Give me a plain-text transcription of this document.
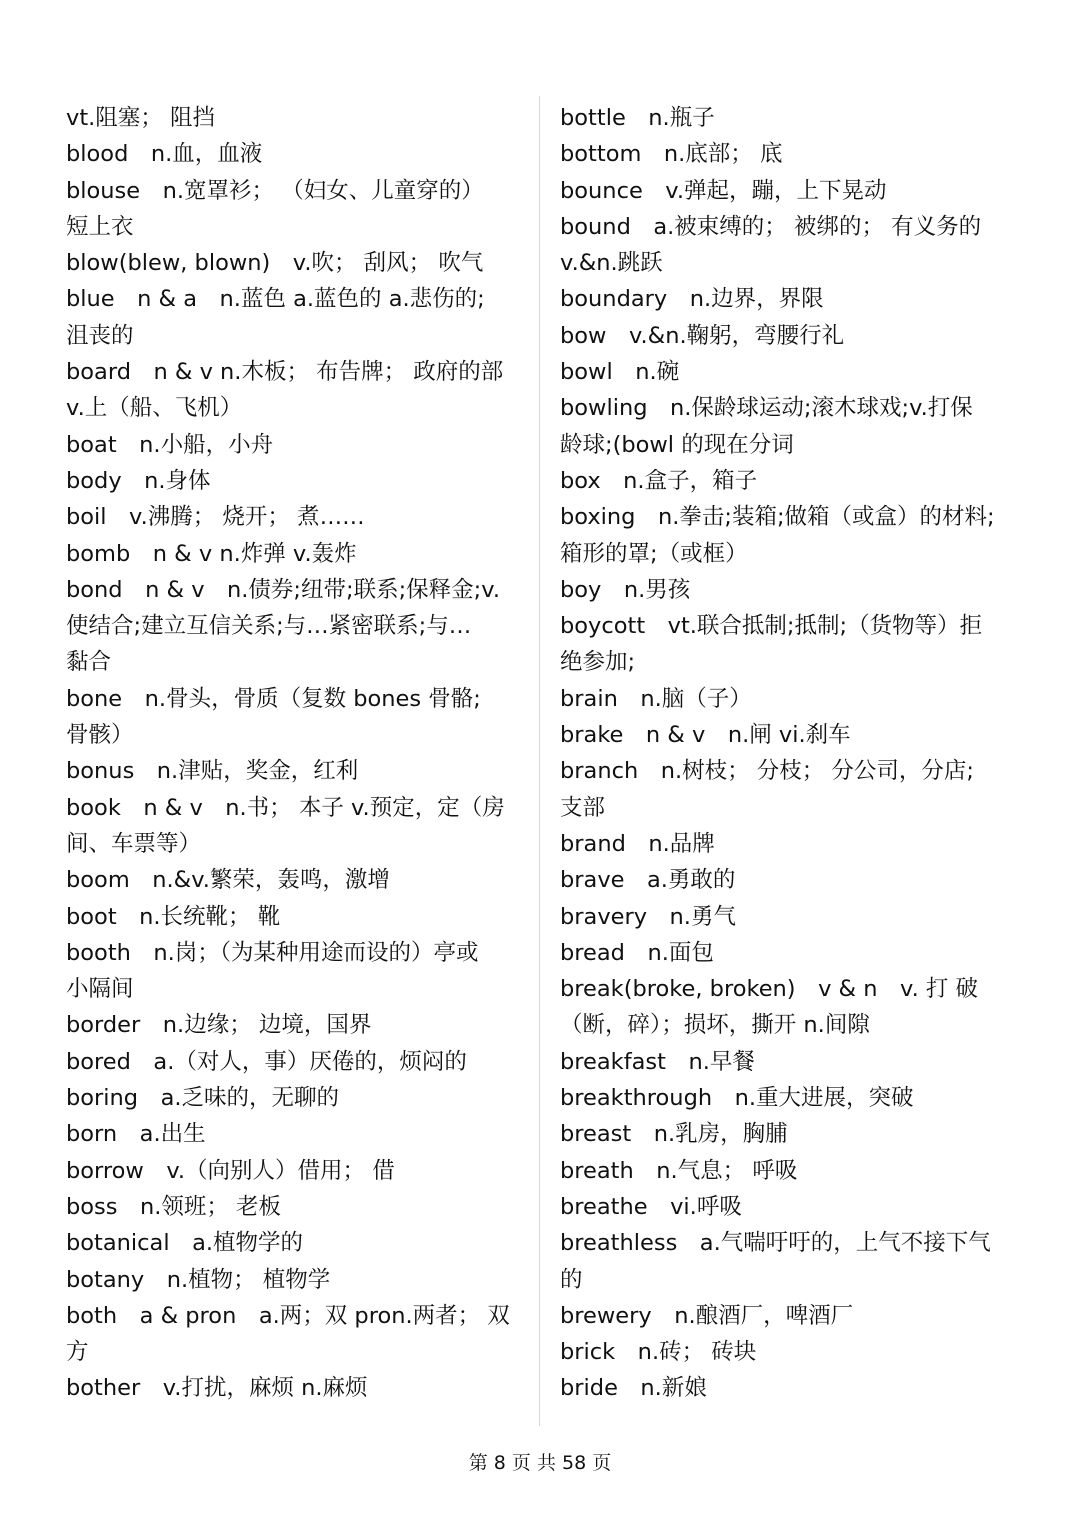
vt.阻塞； 阻挡
blood　n.血，血液
blouse　n.宽罩衫； （妇女、儿童穿的）
短上衣
blow(blew, blown)　v.吹； 刮风； 吹气
blue　n & a　n.蓝色 a.蓝色的 a.悲伤的;
沮丧的
board　n & v n.木板； 布告牌； 政府的部
v.上（船、飞机）
boat　n.小船，小舟
body　n.身体
boil　v.沸腾； 烧开； 煮……
bomb　n & v n.炸弹 v.轰炸
bond　n & v　n.债券;纽带;联系;保释金;v.
使结合;建立互信关系;与…紧密联系;与…
黏合
bone　n.骨头，骨质（复数 bones 骨骼;
骨骸）
bonus　n.津贴，奖金，红利
book　n & v　n.书； 本子 v.预定，定（房
间、车票等）
boom　n.&v.繁荣，轰鸣，激增
boot　n.长统靴； 靴
booth　n.岗；（为某种用途而设的）亭或
小隔间
border　n.边缘； 边境，国界
bored　a.（对人，事）厌倦的，烦闷的
boring　a.乏味的，无聊的
born　a.出生
borrow　v.（向别人）借用； 借
boss　n.领班； 老板
botanical　a.植物学的
botany　n.植物； 植物学
both　a & pron　a.两；双 pron.两者； 双
方
bother　v.打扰，麻烦 n.麻烦
bottle　n.瓶子
bottom　n.底部； 底
bounce　v.弹起，蹦，上下晃动
bound　a.被束缚的； 被绑的； 有义务的
v.&n.跳跃
boundary　n.边界，界限
bow　v.&n.鞠躬，弯腰行礼
bowl　n.碗
bowling　n.保龄球运动;滚木球戏;v.打保
龄球;(bowl 的现在分词
box　n.盒子，箱子
boxing　n.拳击;装箱;做箱（或盒）的材料;
箱形的罩;（或框）
boy　n.男孩
boycott　vt.联合抵制;抵制;（货物等）拒
绝参加;
brain　n.脑（子）
brake　n & v　n.闸 vi.刹车
branch　n.树枝； 分枝； 分公司，分店;
支部
brand　n.品牌
brave　a.勇敢的
bravery　n.勇气
bread　n.面包
break(broke, broken)　v & n　v. 打 破
（断，碎）；损坏，撕开 n.间隙
breakfast　n.早餐
breakthrough　n.重大进展，突破
breast　n.乳房，胸脯
breath　n.气息； 呼吸
breathe　vi.呼吸
breathless　a.气喘吁吁的，上气不接下气
的
brewery　n.酿酒厂，啤酒厂
brick　n.砖； 砖块
bride　n.新娘
第 8 页 共 58 页
